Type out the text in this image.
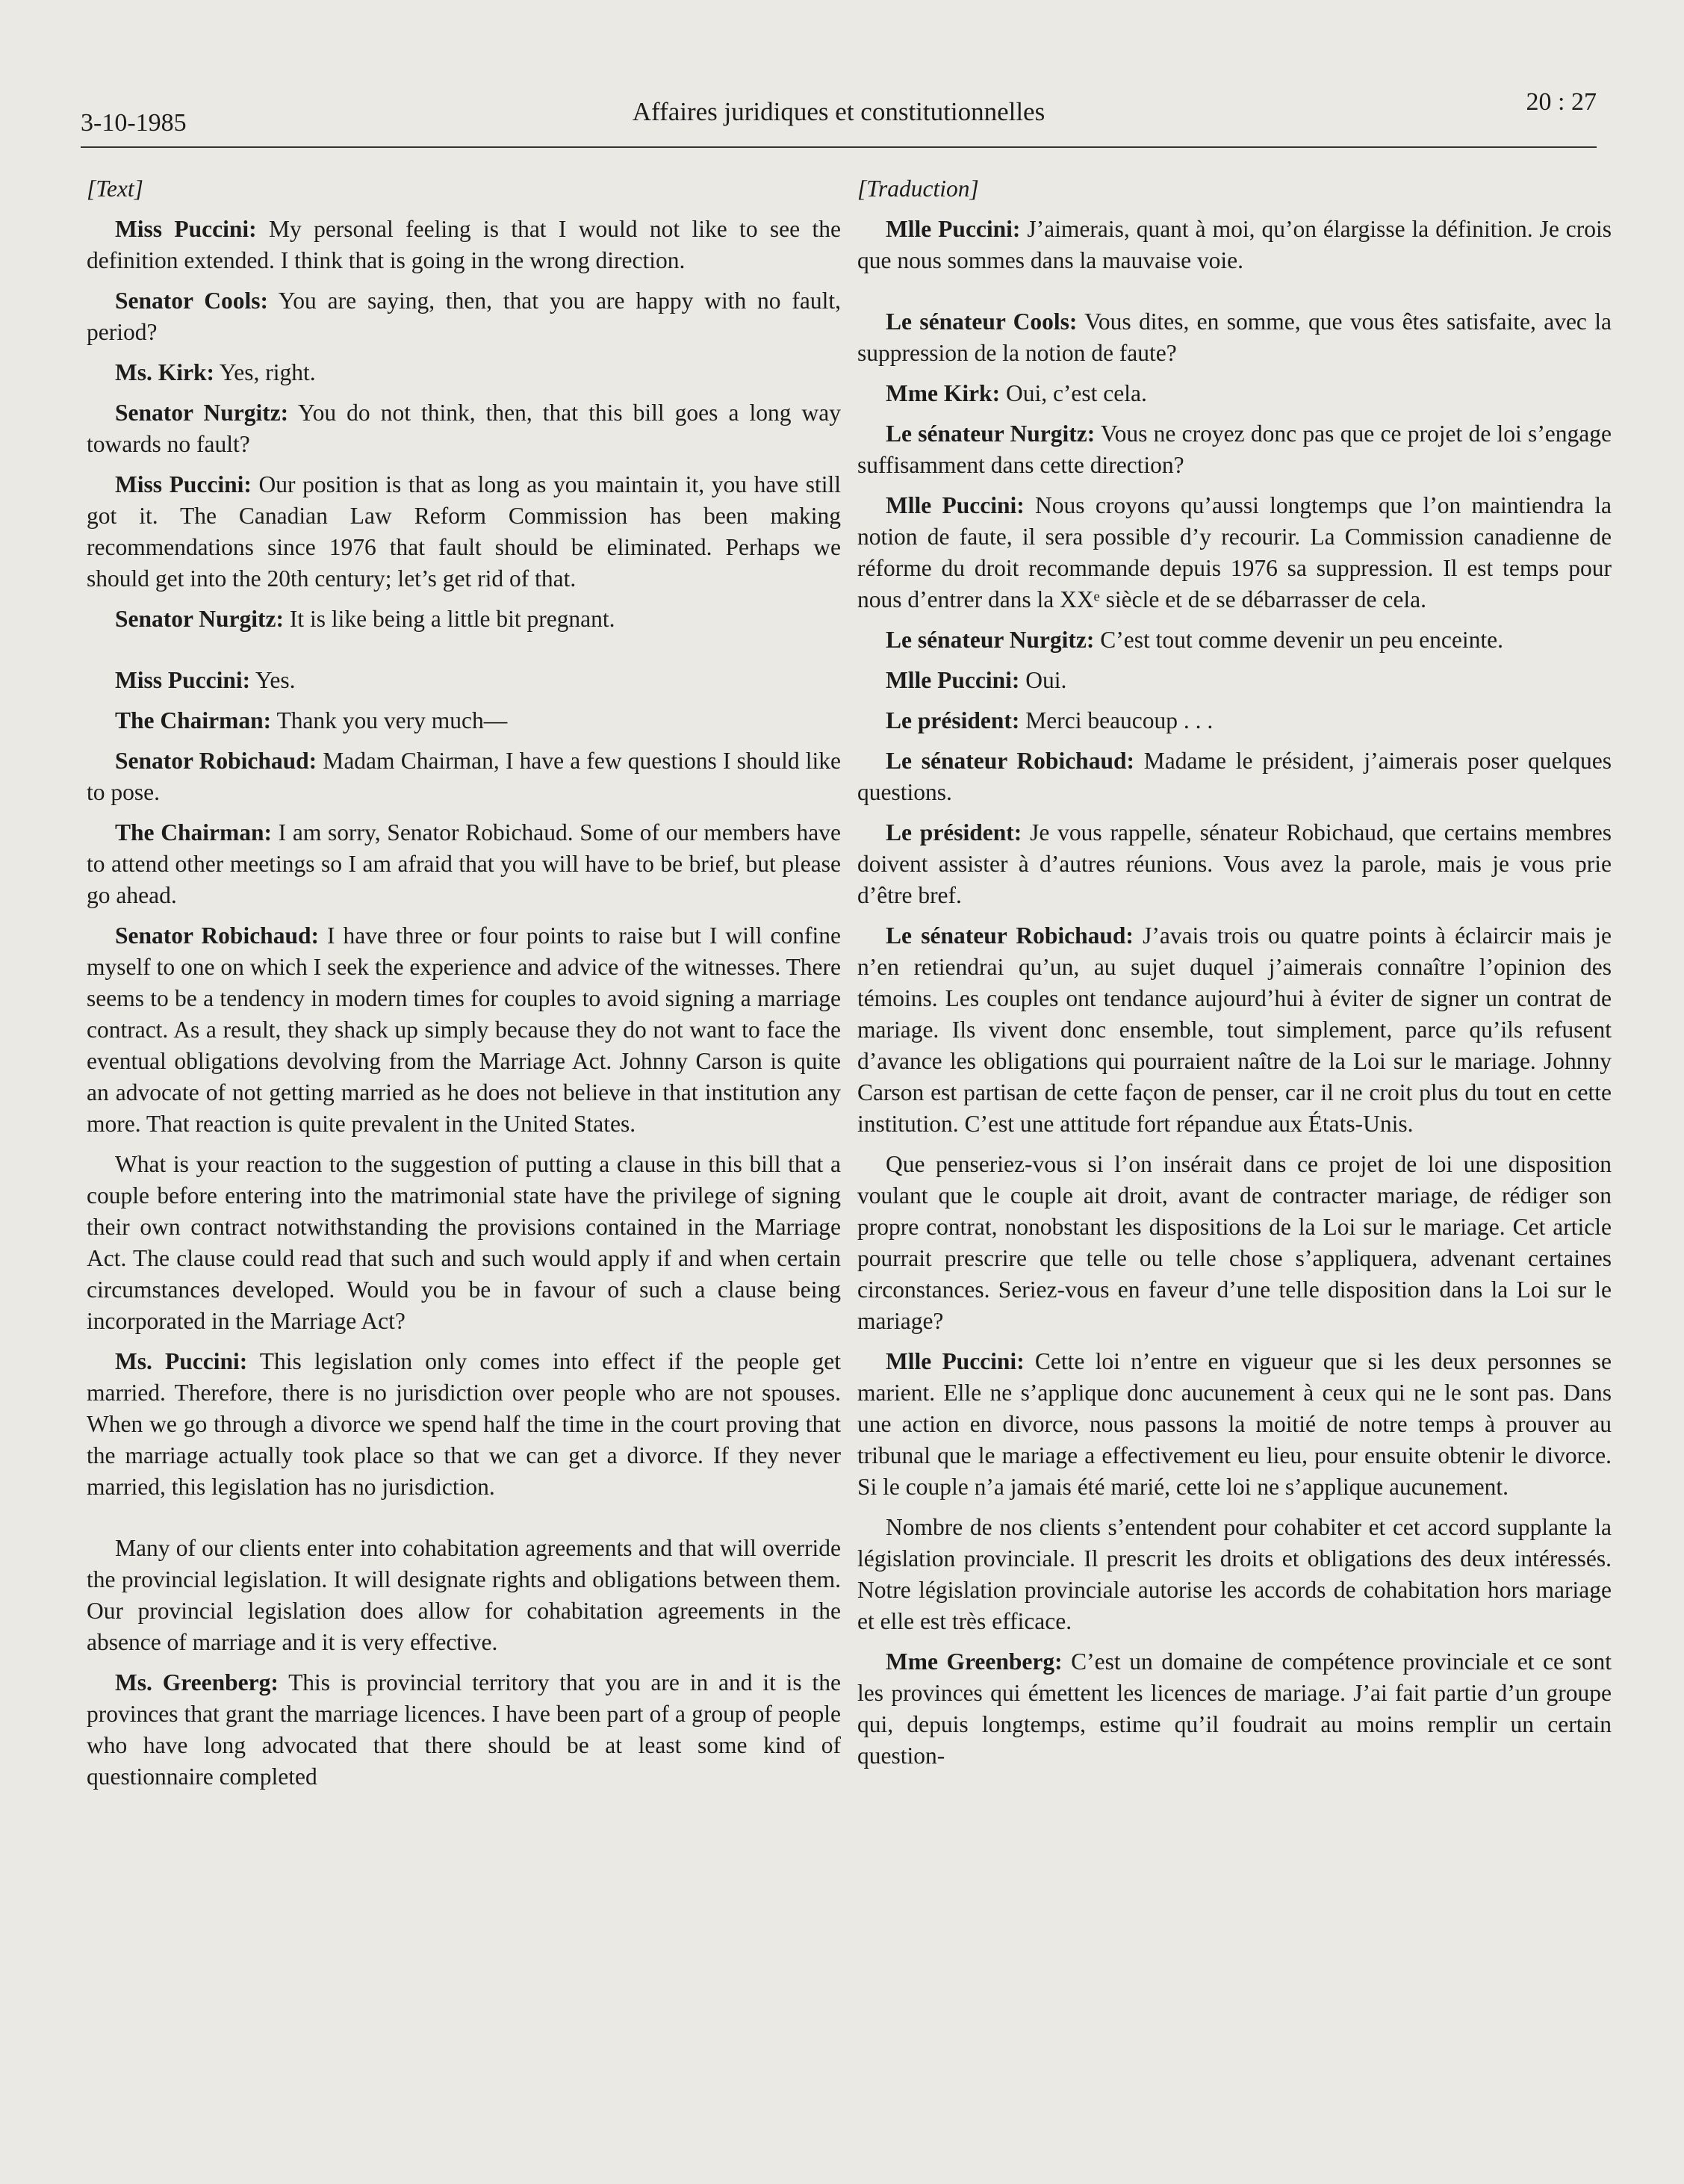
3-10-1985	Affaires juridiques et constitutionnelles	20 : 27

[Text]

Miss Puccini: My personal feeling is that I would not like to see the definition extended. I think that is going in the wrong direction.

Senator Cools: You are saying, then, that you are happy with no fault, period?

Ms. Kirk: Yes, right.

Senator Nurgitz: You do not think, then, that this bill goes a long way towards no fault?

Miss Puccini: Our position is that as long as you maintain it, you have still got it. The Canadian Law Reform Commission has been making recommendations since 1976 that fault should be eliminated. Perhaps we should get into the 20th century; let’s get rid of that.

Senator Nurgitz: It is like being a little bit pregnant.

Miss Puccini: Yes.

The Chairman: Thank you very much—

Senator Robichaud: Madam Chairman, I have a few questions I should like to pose.

The Chairman: I am sorry, Senator Robichaud. Some of our members have to attend other meetings so I am afraid that you will have to be brief, but please go ahead.

Senator Robichaud: I have three or four points to raise but I will confine myself to one on which I seek the experience and advice of the witnesses. There seems to be a tendency in modern times for couples to avoid signing a marriage contract. As a result, they shack up simply because they do not want to face the eventual obligations devolving from the Marriage Act. Johnny Carson is quite an advocate of not getting married as he does not believe in that institution any more. That reaction is quite prevalent in the United States.

What is your reaction to the suggestion of putting a clause in this bill that a couple before entering into the matrimonial state have the privilege of signing their own contract notwithstanding the provisions contained in the Marriage Act. The clause could read that such and such would apply if and when certain circumstances developed. Would you be in favour of such a clause being incorporated in the Marriage Act?

Ms. Puccini: This legislation only comes into effect if the people get married. Therefore, there is no jurisdiction over people who are not spouses. When we go through a divorce we spend half the time in the court proving that the marriage actually took place so that we can get a divorce. If they never married, this legislation has no jurisdiction.

Many of our clients enter into cohabitation agreements and that will override the provincial legislation. It will designate rights and obligations between them. Our provincial legislation does allow for cohabitation agreements in the absence of marriage and it is very effective.

Ms. Greenberg: This is provincial territory that you are in and it is the provinces that grant the marriage licences. I have been part of a group of people who have long advocated that there should be at least some kind of questionnaire completed

[Traduction]

Mlle Puccini: J’aimerais, quant à moi, qu’on élargisse la définition. Je crois que nous sommes dans la mauvaise voie.

Le sénateur Cools: Vous dites, en somme, que vous êtes satisfaite, avec la suppression de la notion de faute?

Mme Kirk: Oui, c’est cela.

Le sénateur Nurgitz: Vous ne croyez donc pas que ce projet de loi s’engage suffisamment dans cette direction?

Mlle Puccini: Nous croyons qu’aussi longtemps que l’on maintiendra la notion de faute, il sera possible d’y recourir. La Commission canadienne de réforme du droit recommande depuis 1976 sa suppression. Il est temps pour nous d’entrer dans la XXᵉ siècle et de se débarrasser de cela.

Le sénateur Nurgitz: C’est tout comme devenir un peu enceinte.

Mlle Puccini: Oui.

Le président: Merci beaucoup . . .

Le sénateur Robichaud: Madame le président, j’aimerais poser quelques questions.

Le président: Je vous rappelle, sénateur Robichaud, que certains membres doivent assister à d’autres réunions. Vous avez la parole, mais je vous prie d’être bref.

Le sénateur Robichaud: J’avais trois ou quatre points à éclaircir mais je n’en retiendrai qu’un, au sujet duquel j’aimerais connaître l’opinion des témoins. Les couples ont tendance aujourd’hui à éviter de signer un contrat de mariage. Ils vivent donc ensemble, tout simplement, parce qu’ils refusent d’avance les obligations qui pourraient naître de la Loi sur le mariage. Johnny Carson est partisan de cette façon de penser, car il ne croit plus du tout en cette institution. C’est une attitude fort répandue aux États-Unis.

Que penseriez-vous si l’on insérait dans ce projet de loi une disposition voulant que le couple ait droit, avant de contracter mariage, de rédiger son propre contrat, nonobstant les dispositions de la Loi sur le mariage. Cet article pourrait prescrire que telle ou telle chose s’appliquera, advenant certaines circonstances. Seriez-vous en faveur d’une telle disposition dans la Loi sur le mariage?

Mlle Puccini: Cette loi n’entre en vigueur que si les deux personnes se marient. Elle ne s’applique donc aucunement à ceux qui ne le sont pas. Dans une action en divorce, nous passons la moitié de notre temps à prouver au tribunal que le mariage a effectivement eu lieu, pour ensuite obtenir le divorce. Si le couple n’a jamais été marié, cette loi ne s’applique aucunement.

Nombre de nos clients s’entendent pour cohabiter et cet accord supplante la législation provinciale. Il prescrit les droits et obligations des deux intéressés. Notre législation provinciale autorise les accords de cohabitation hors mariage et elle est très efficace.

Mme Greenberg: C’est un domaine de compétence provinciale et ce sont les provinces qui émettent les licences de mariage. J’ai fait partie d’un groupe qui, depuis longtemps, estime qu’il foudrait au moins remplir un certain question-
